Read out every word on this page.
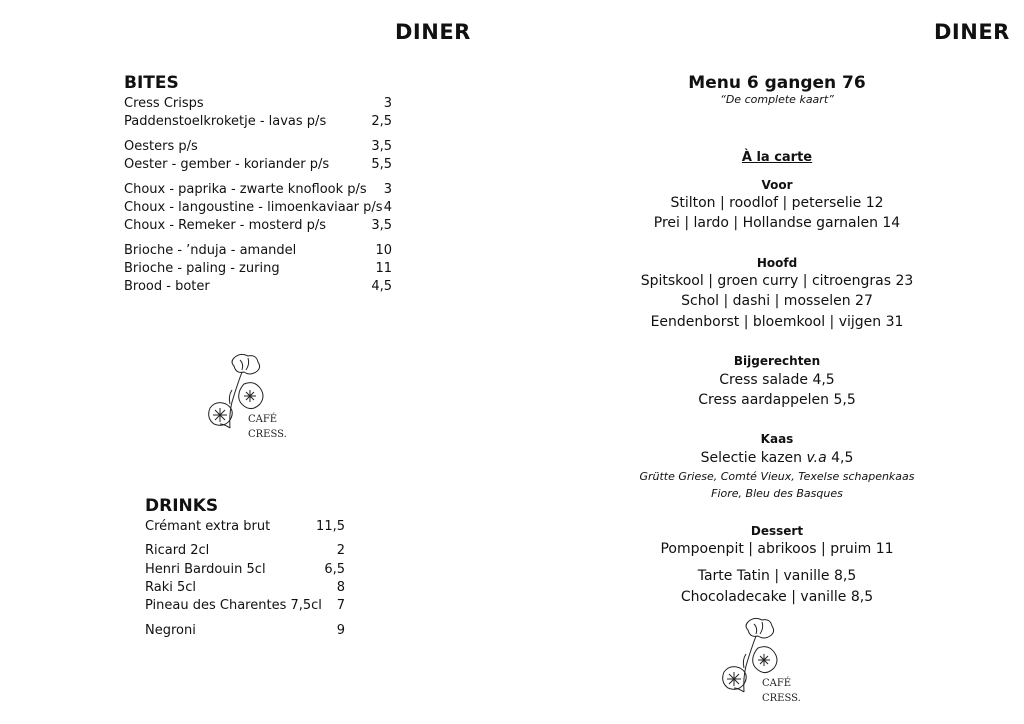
DINER
BITES
Cress Crisps	3
Paddenstoelkroketje - lavas p/s	2,5
Oesters p/s	3,5
Oester - gember - koriander p/s	5,5
Choux - paprika - zwarte knoflook p/s 3
Choux - langoustine - limoenkaviaar p/s 4
Choux - Remeker - mosterd p/s	3,5
Brioche - ’nduja - amandel	10
Brioche - paling - zuring	11
Brood - boter	4,5
CAFÉ
CRESS.
DRINKS
Crémant extra brut	11,5
Ricard 2cl	2
Henri Bardouin 5cl	6,5
Raki 5cl	8
Pineau des Charentes 7,5cl 7
Negroni	9
DINER
Menu 6 gangen 76
“De complete kaart”
À la carte
Voor
Stilton | roodlof | peterselie 12
Prei | lardo | Hollandse garnalen 14
Hoofd
Spitskool | groen curry | citroengras 23
Schol | dashi | mosselen 27
Eendenborst | bloemkool | vijgen 31
Bijgerechten
Cress salade 4,5
Cress aardappelen 5,5
Kaas
Selectie kazen v.a 4,5
Grütte Griese, Comté Vieux, Texelse schapenkaas
Fiore, Bleu des Basques
Dessert
Pompoenpit | abrikoos | pruim 11
Tarte Tatin | vanille 8,5
Chocoladecake | vanille 8,5
CAFÉ
CRESS.
